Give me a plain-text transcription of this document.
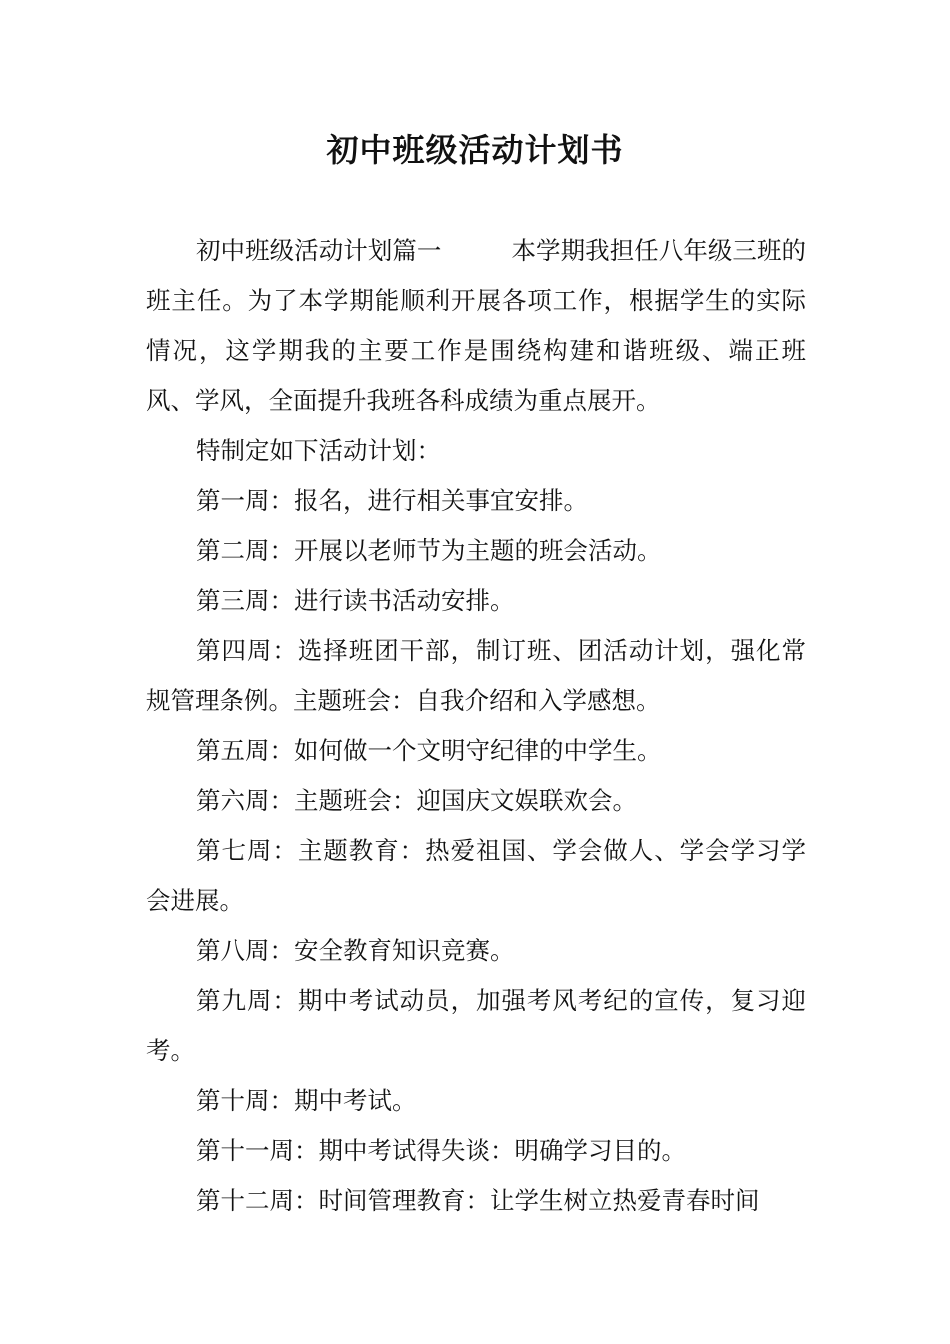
初中班级活动计划书

初中班级活动计划篇一	本学期我担任八年级三班的班主任。为了本学期能顺利开展各项工作，根据学生的实际情况，这学期我的主要工作是围绕构建和谐班级、端正班风、学风，全面提升我班各科成绩为重点展开。

特制定如下活动计划：

第一周：报名，进行相关事宜安排。

第二周：开展以老师节为主题的班会活动。

第三周：进行读书活动安排。

第四周：选择班团干部，制订班、团活动计划，强化常规管理条例。主题班会：自我介绍和入学感想。

第五周：如何做一个文明守纪律的中学生。

第六周：主题班会：迎国庆文娱联欢会。

第七周：主题教育：热爱祖国、学会做人、学会学习学会进展。

第八周：安全教育知识竞赛。

第九周：期中考试动员，加强考风考纪的宣传，复习迎考。

第十周：期中考试。

第十一周：期中考试得失谈：明确学习目的。

第十二周：时间管理教育：让学生树立热爱青春时间
